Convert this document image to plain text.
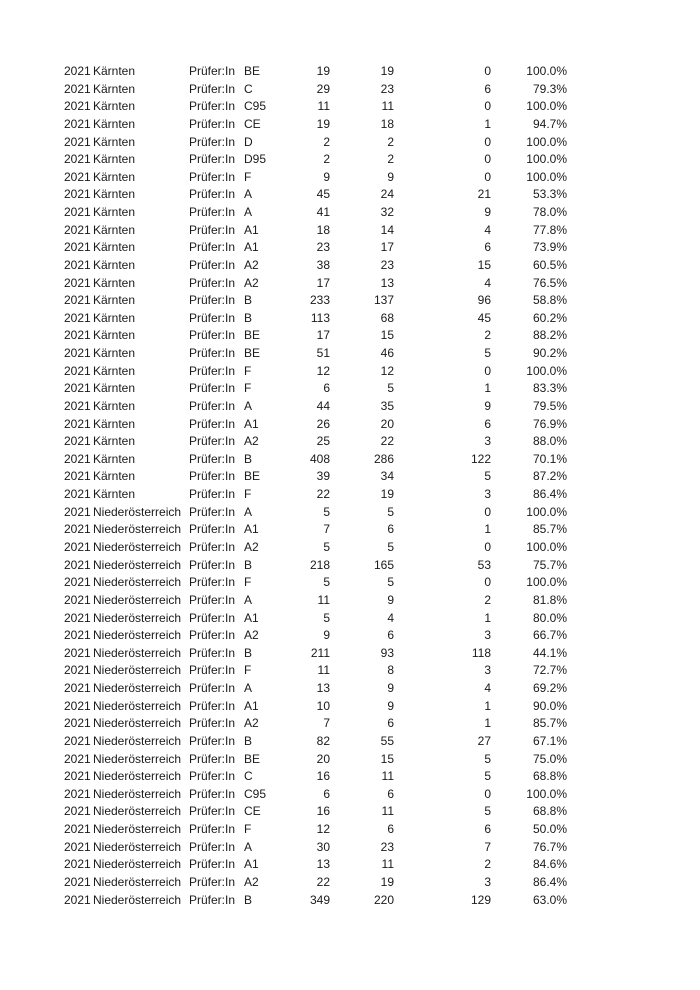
2021 Kärnten	Prüfer:In BE	19	19	0	100.0%
2021 Kärnten	Prüfer:In C	29	23	6	79.3%
2021 Kärnten	Prüfer:In C95	11	11	0	100.0%
2021 Kärnten	Prüfer:In CE	19	18	1	94.7%
2021 Kärnten	Prüfer:In D	2	2	0	100.0%
2021 Kärnten	Prüfer:In D95	2	2	0	100.0%
2021 Kärnten	Prüfer:In F	9	9	0	100.0%
2021 Kärnten	Prüfer:In A	45	24	21	53.3%
2021 Kärnten	Prüfer:In A	41	32	9	78.0%
2021 Kärnten	Prüfer:In A1	18	14	4	77.8%
2021 Kärnten	Prüfer:In A1	23	17	6	73.9%
2021 Kärnten	Prüfer:In A2	38	23	15	60.5%
2021 Kärnten	Prüfer:In A2	17	13	4	76.5%
2021 Kärnten	Prüfer:In B	233	137	96	58.8%
2021 Kärnten	Prüfer:In B	113	68	45	60.2%
2021 Kärnten	Prüfer:In BE	17	15	2	88.2%
2021 Kärnten	Prüfer:In BE	51	46	5	90.2%
2021 Kärnten	Prüfer:In F	12	12	0	100.0%
2021 Kärnten	Prüfer:In F	6	5	1	83.3%
2021 Kärnten	Prüfer:In A	44	35	9	79.5%
2021 Kärnten	Prüfer:In A1	26	20	6	76.9%
2021 Kärnten	Prüfer:In A2	25	22	3	88.0%
2021 Kärnten	Prüfer:In B	408	286	122	70.1%
2021 Kärnten	Prüfer:In BE	39	34	5	87.2%
2021 Kärnten	Prüfer:In F	22	19	3	86.4%
2021 Niederösterreich Prüfer:In A	5	5	0	100.0%
2021 Niederösterreich Prüfer:In A1	7	6	1	85.7%
2021 Niederösterreich Prüfer:In A2	5	5	0	100.0%
2021 Niederösterreich Prüfer:In B	218	165	53	75.7%
2021 Niederösterreich Prüfer:In F	5	5	0	100.0%
2021 Niederösterreich Prüfer:In A	11	9	2	81.8%
2021 Niederösterreich Prüfer:In A1	5	4	1	80.0%
2021 Niederösterreich Prüfer:In A2	9	6	3	66.7%
2021 Niederösterreich Prüfer:In B	211	93	118	44.1%
2021 Niederösterreich Prüfer:In F	11	8	3	72.7%
2021 Niederösterreich Prüfer:In A	13	9	4	69.2%
2021 Niederösterreich Prüfer:In A1	10	9	1	90.0%
2021 Niederösterreich Prüfer:In A2	7	6	1	85.7%
2021 Niederösterreich Prüfer:In B	82	55	27	67.1%
2021 Niederösterreich Prüfer:In BE	20	15	5	75.0%
2021 Niederösterreich Prüfer:In C	16	11	5	68.8%
2021 Niederösterreich Prüfer:In C95	6	6	0	100.0%
2021 Niederösterreich Prüfer:In CE	16	11	5	68.8%
2021 Niederösterreich Prüfer:In F	12	6	6	50.0%
2021 Niederösterreich Prüfer:In A	30	23	7	76.7%
2021 Niederösterreich Prüfer:In A1	13	11	2	84.6%
2021 Niederösterreich Prüfer:In A2	22	19	3	86.4%
2021 Niederösterreich Prüfer:In B	349	220	129	63.0%
